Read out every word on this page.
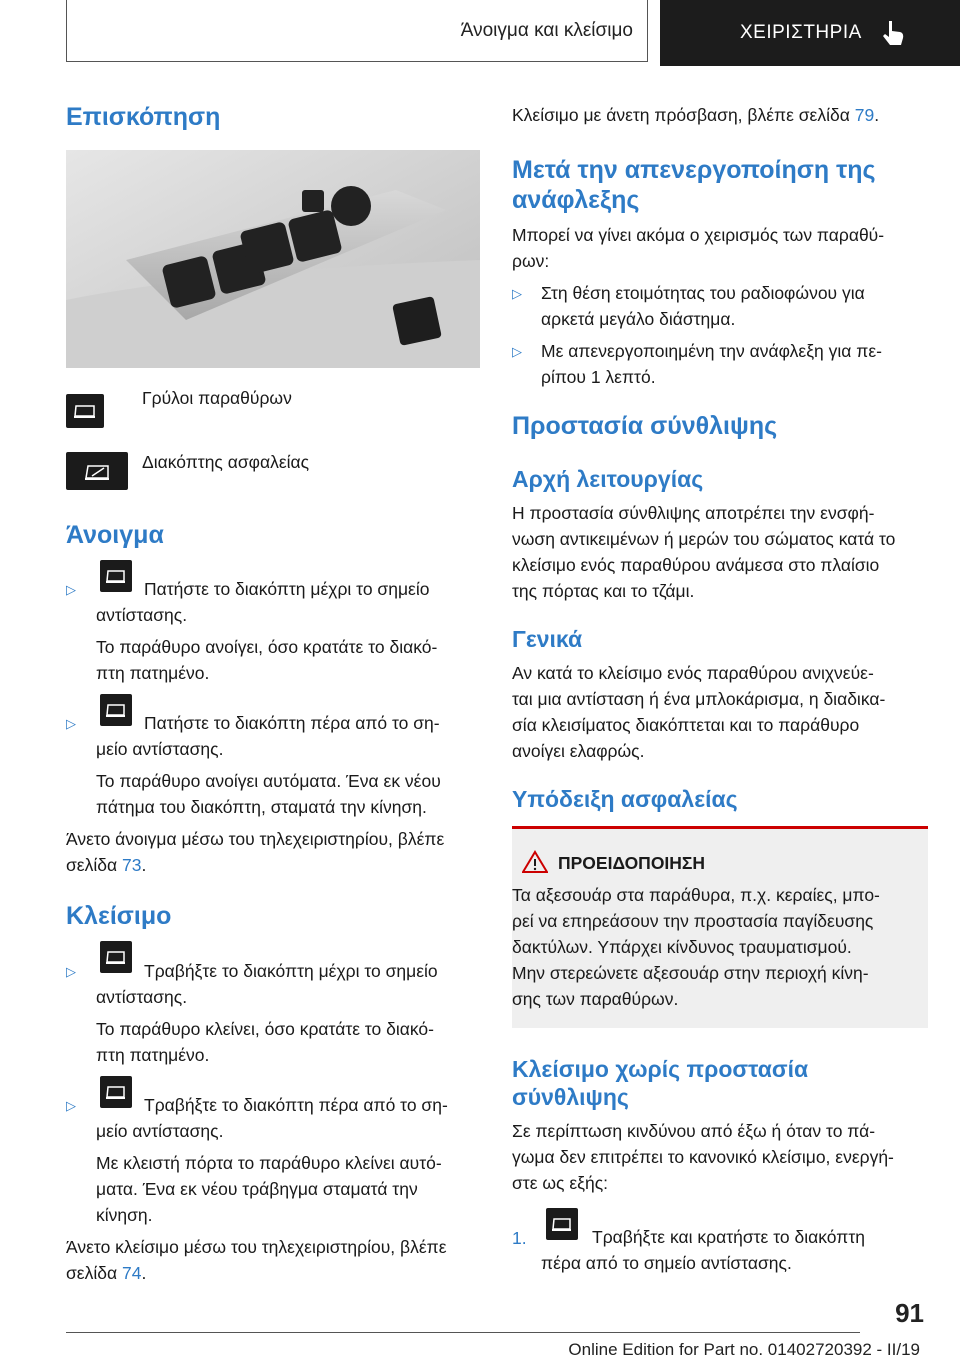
Άνοιγμα και κλείσιμο	ΧΕΙΡΙΣΤΗΡΙΑ
Επισκόπηση
Γρύλοι παραθύρων
Διακόπτης ασφαλείας
Άνοιγμα
▷	Πατήστε το διακόπτη μέχρι το σημείο
αντίστασης.
Το παράθυρο ανοίγει, όσο κρατάτε το διακό-
πτη πατημένο.
▷	Πατήστε το διακόπτη πέρα από το ση-
μείο αντίστασης.
Το παράθυρο ανοίγει αυτόματα. Ένα εκ νέου
πάτημα του διακόπτη, σταματά την κίνηση.
Άνετο άνοιγμα μέσω του τηλεχειριστηρίου, βλέπε
σελίδα 73.
Κλείσιμο
▷	Τραβήξτε το διακόπτη μέχρι το σημείο
αντίστασης.
Το παράθυρο κλείνει, όσο κρατάτε το διακό-
πτη πατημένο.
▷	Τραβήξτε το διακόπτη πέρα από το ση-
μείο αντίστασης.
Με κλειστή πόρτα το παράθυρο κλείνει αυτό-
ματα. Ένα εκ νέου τράβηγμα σταματά την
κίνηση.
Άνετο κλείσιμο μέσω του τηλεχειριστηρίου, βλέπε
σελίδα 74.
Κλείσιμο με άνετη πρόσβαση, βλέπε σελίδα 79.
Μετά την απενεργοποίηση της
ανάφλεξης
Μπορεί να γίνει ακόμα ο χειρισμός των παραθύ-
ρων:
▷ Στη θέση ετοιμότητας του ραδιοφώνου για
αρκετά μεγάλο διάστημα.
▷ Με απενεργοποιημένη την ανάφλεξη για πε-
ρίπου 1 λεπτό.
Προστασία σύνθλιψης
Αρχή λειτουργίας
Η προστασία σύνθλιψης αποτρέπει την ενσφή-
νωση αντικειμένων ή μερών του σώματος κατά το
κλείσιμο ενός παραθύρου ανάμεσα στο πλαίσιο
της πόρτας και το τζάμι.
Γενικά
Αν κατά το κλείσιμο ενός παραθύρου ανιχνεύε-
ται μια αντίσταση ή ένα μπλοκάρισμα, η διαδικα-
σία κλεισίματος διακόπτεται και το παράθυρο
ανοίγει ελαφρώς.
Υπόδειξη ασφαλείας
ΠΡΟΕΙΔΟΠΟΙΗΣΗ
Τα αξεσουάρ στα παράθυρα, π.χ. κεραίες, μπο-
ρεί να επηρεάσουν την προστασία παγίδευσης
δακτύλων. Υπάρχει κίνδυνος τραυματισμού.
Μην στερεώνετε αξεσουάρ στην περιοχή κίνη-
σης των παραθύρων.
Κλείσιμο χωρίς προστασία
σύνθλιψης
Σε περίπτωση κινδύνου από έξω ή όταν το πά-
γωμα δεν επιτρέπει το κανονικό κλείσιμο, ενεργή-
στε ως εξής:
1.	Τραβήξτε και κρατήστε το διακόπτη
πέρα από το σημείο αντίστασης.
91
Online Edition for Part no. 01402720392 - II/19
